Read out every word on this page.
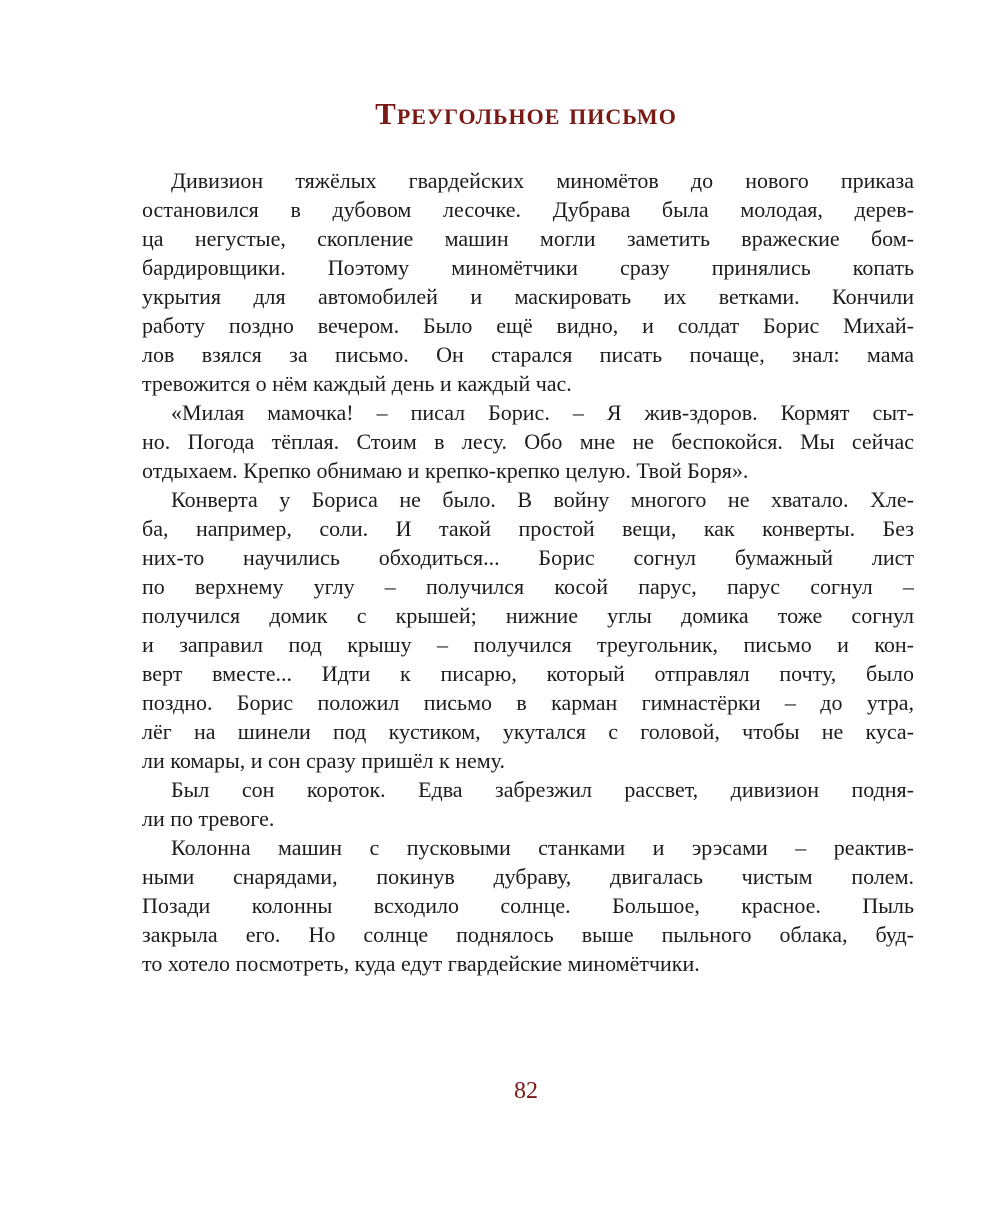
Треугольное письмо
Дивизион тяжёлых гвардейских миномётов до нового приказа
остановился в дубовом лесочке. Дубрава была молодая, дерев-
ца негустые, скопление машин могли заметить вражеские бом-
бардировщики. Поэтому миномётчики сразу принялись копать
укрытия для автомобилей и маскировать их ветками. Кончили
работу поздно вечером. Было ещё видно, и солдат Борис Михай-
лов взялся за письмо. Он старался писать почаще, знал: мама
тревожится о нём каждый день и каждый час.
«Милая мамочка! – писал Борис. – Я жив-здоров. Кормят сыт-
но. Погода тёплая. Стоим в лесу. Обо мне не беспокойся. Мы сейчас
отдыхаем. Крепко обнимаю и крепко-крепко целую. Твой Боря».
Конверта у Бориса не было. В войну многого не хватало. Хле-
ба, например, соли. И такой простой вещи, как конверты. Без
них-то научились обходиться... Борис согнул бумажный лист
по верхнему углу – получился косой парус, парус согнул –
получился домик с крышей; нижние углы домика тоже согнул
и заправил под крышу – получился треугольник, письмо и кон-
верт вместе... Идти к писарю, который отправлял почту, было
поздно. Борис положил письмо в карман гимнастёрки – до утра,
лёг на шинели под кустиком, укутался с головой, чтобы не куса-
ли комары, и сон сразу пришёл к нему.
Был сон короток. Едва забрезжил рассвет, дивизион подня-
ли по тревоге.
Колонна машин с пусковыми станками и эрэсами – реактив-
ными снарядами, покинув дубраву, двигалась чистым полем.
Позади колонны всходило солнце. Большое, красное. Пыль
закрыла его. Но солнце поднялось выше пыльного облака, буд-
то хотело посмотреть, куда едут гвардейские миномётчики.
82
